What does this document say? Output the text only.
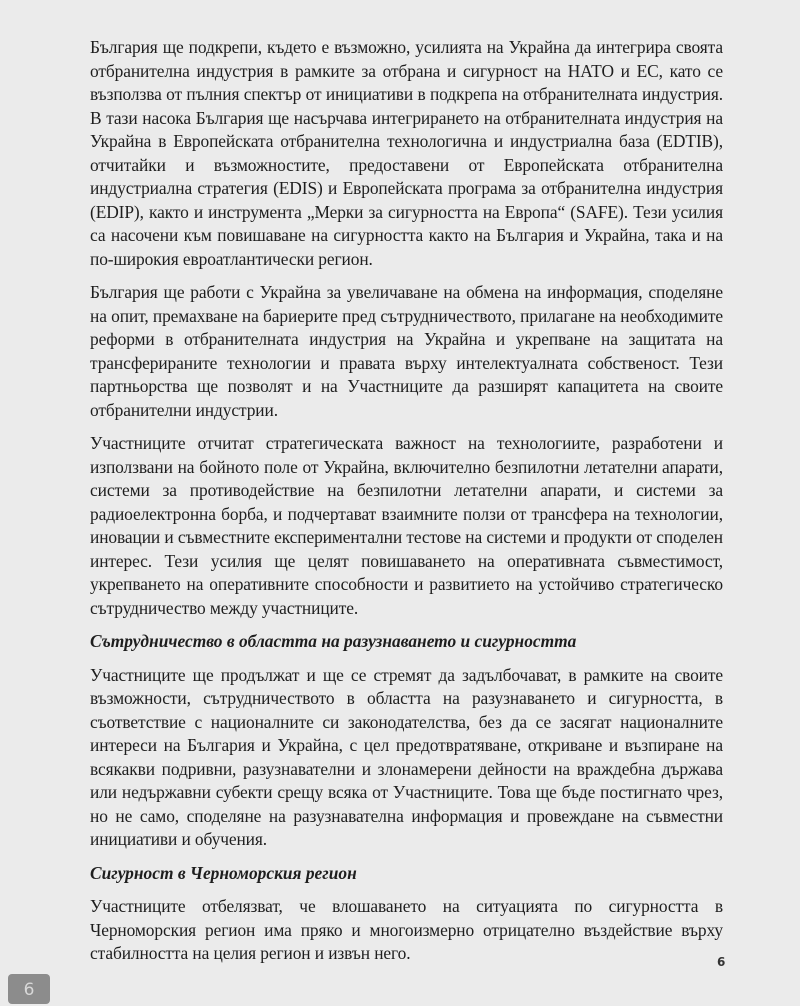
България ще подкрепи, където е възможно, усилията на Украйна да интегрира своята отбранителна индустрия в рамките за отбрана и сигурност на НАТО и ЕС, като се възползва от пълния спектър от инициативи в подкрепа на отбранителната индустрия. В тази насока България ще насърчава интегрирането на отбранителната индустрия на Украйна в Европейската отбранителна технологична и индустриална база (EDTIB), отчитайки и възможностите, предоставени от Европейската отбранителна индустриална стратегия (EDIS) и Европейската програма за отбранителна индустрия (EDIP), както и инструмента „Мерки за сигурността на Европа“ (SAFE). Тези усилия са насочени към повишаване на сигурността както на България и Украйна, така и на по-широкия евроатлантически регион.

България ще работи с Украйна за увеличаване на обмена на информация, споделяне на опит, премахване на бариерите пред сътрудничеството, прилагане на необходимите реформи в отбранителната индустрия на Украйна и укрепване на защитата на трансферираните технологии и правата върху интелектуалната собственост. Тези партньорства ще позволят и на Участниците да разширят капацитета на своите отбранителни индустрии.

Участниците отчитат стратегическата важност на технологиите, разработени и използвани на бойното поле от Украйна, включително безпилотни летателни апарати, системи за противодействие на безпилотни летателни апарати, и системи за радиоелектронна борба, и подчертават взаимните ползи от трансфера на технологии, иновации и съвместните експериментални тестове на системи и продукти от споделен интерес. Тези усилия ще целят повишаването на оперативната съвместимост, укрепването на оперативните способности и развитието на устойчиво стратегическо сътрудничество между участниците.

Сътрудничество в областта на разузнаването и сигурността

Участниците ще продължат и ще се стремят да задълбочават, в рамките на своите възможности, сътрудничеството в областта на разузнаването и сигурността, в съответствие с националните си законодателства, без да се засягат националните интереси на България и Украйна, с цел предотвратяване, откриване и възпиране на всякакви подривни, разузнавателни и злонамерени дейности на враждебна държава или недържавни субекти срещу всяка от Участниците. Това ще бъде постигнато чрез, но не само, споделяне на разузнавателна информация и провеждане на съвместни инициативи и обучения.

Сигурност в Черноморския регион

Участниците отбелязват, че влошаването на ситуацията по сигурността в Черноморския регион има пряко и многоизмерно отрицателно въздействие върху стабилността на целия регион и извън него.	6
6
